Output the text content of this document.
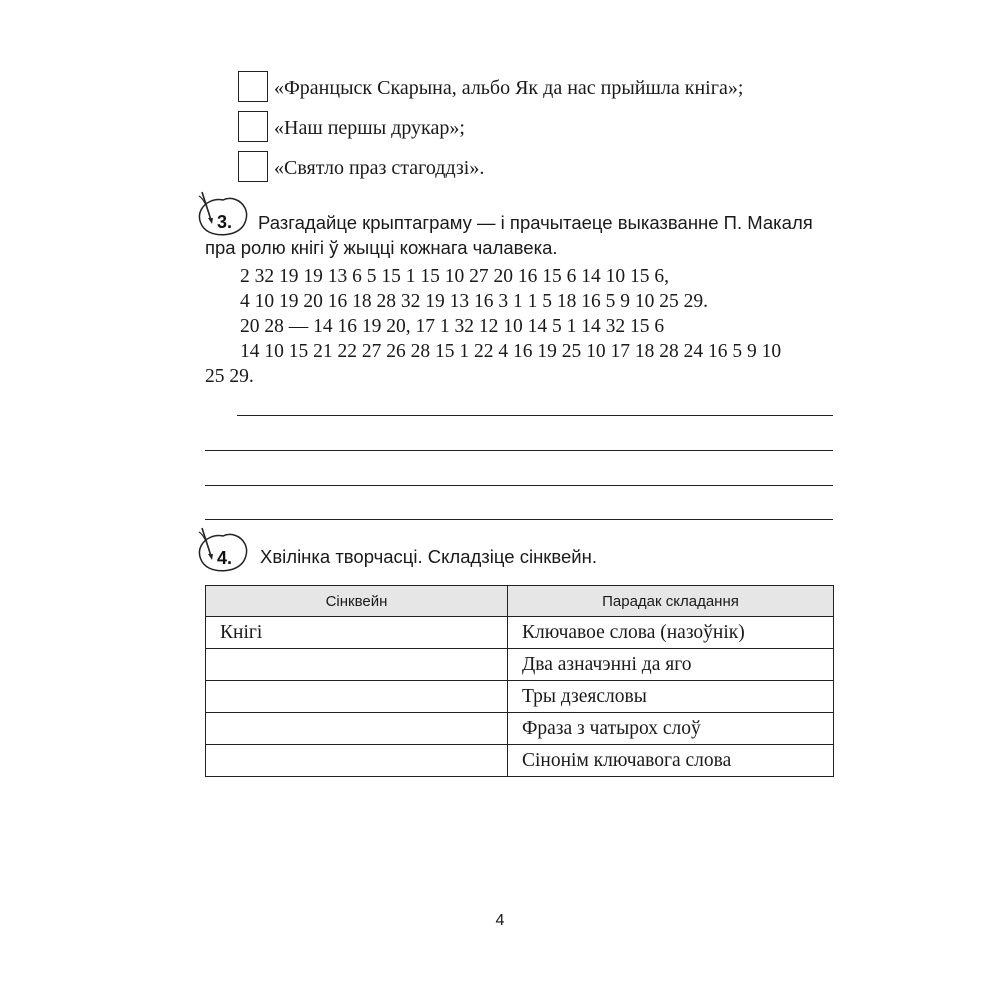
«Францыск Скарына, альбо Як да нас прыйшла кніга»;
«Наш першы друкар»;
«Святло праз стагоддзі».
3. Разгадайце крыптаграму — і прачытаеце выказванне П. Макаля
пра ролю кнігі ў жыцці кожнага чалавека.
2 32 19 19 13 6 5 15 1 15 10 27 20 16 15 6 14 10 15 6,
4 10 19 20 16 18 28 32 19 13 16 3 1 1 5 18 16 5 9 10 25 29.
20 28 — 14 16 19 20, 17 1 32 12 10 14 5 1 14 32 15 6
14 10 15 21 22 27 26 28 15 1 22 4 16 19 25 10 17 18 28 24 16 5 9 10
25 29.
4. Хвілінка творчасці. Складзіце сінквейн.
Сінквейн	Парадак складання
Кнігі	Ключавое слова (назоўнік)
	Два азначэнні да яго
	Тры дзеясловы
	Фраза з чатырох слоў
	Сінонім ключавога слова
4
